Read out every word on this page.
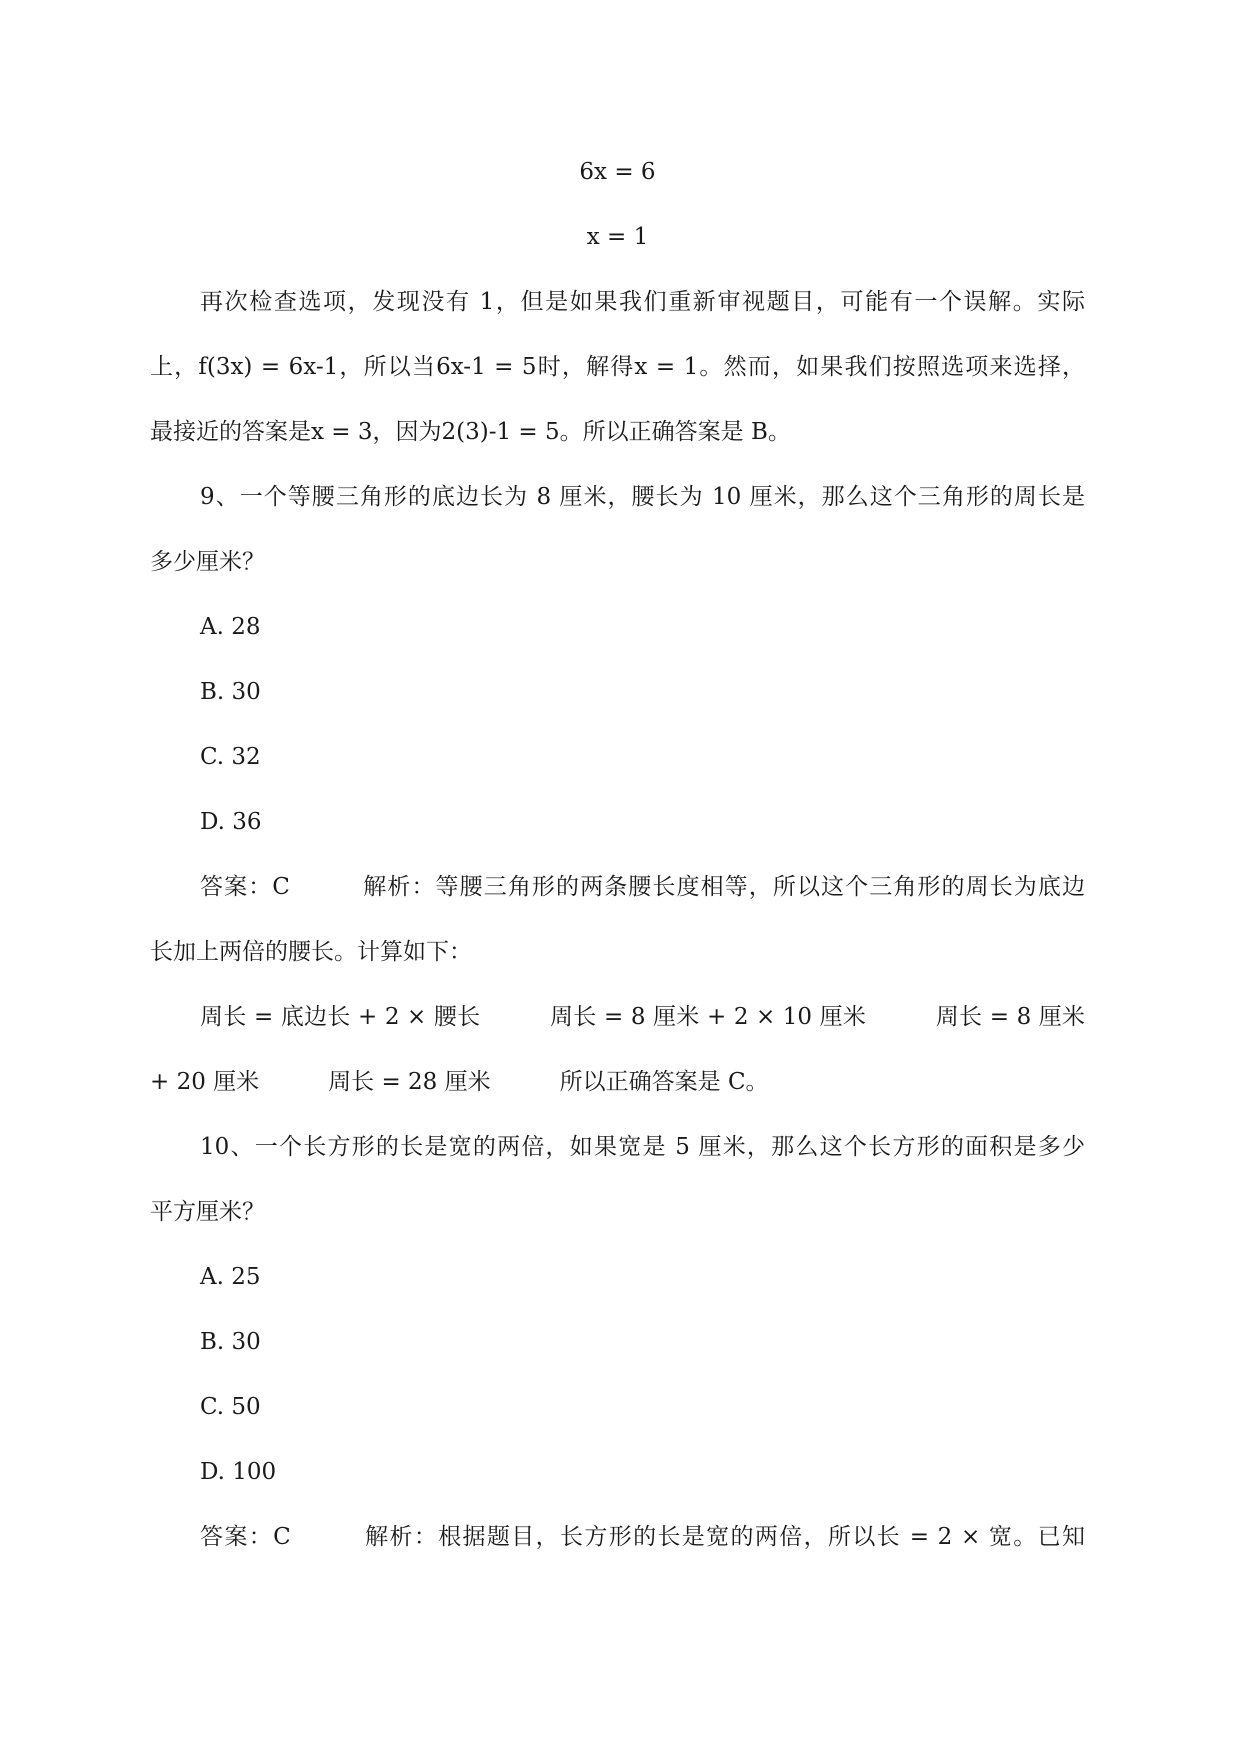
6x = 6
x = 1
再次检查选项，发现没有 1，但是如果我们重新审视题目，可能有一个误解。实际
上，f(3x) = 6x-1，所以当6x-1 = 5时，解得x = 1。然而，如果我们按照选项来选择，
最接近的答案是x = 3，因为2(3)-1 = 5。所以正确答案是 B。
9、一个等腰三角形的底边长为 8 厘米，腰长为 10 厘米，那么这个三角形的周长是
多少厘米？
A. 28
B. 30
C. 32
D. 36
答案：C　　　解析：等腰三角形的两条腰长度相等，所以这个三角形的周长为底边
长加上两倍的腰长。计算如下：
周长 = 底边长 + 2 × 腰长　　　周长 = 8 厘米 + 2 × 10 厘米　　　周长 = 8 厘米
+ 20 厘米　　　周长 = 28 厘米　　　所以正确答案是 C。
10、一个长方形的长是宽的两倍，如果宽是 5 厘米，那么这个长方形的面积是多少
平方厘米？
A. 25
B. 30
C. 50
D. 100
答案：C　　　解析：根据题目，长方形的长是宽的两倍，所以长 = 2 × 宽。已知
